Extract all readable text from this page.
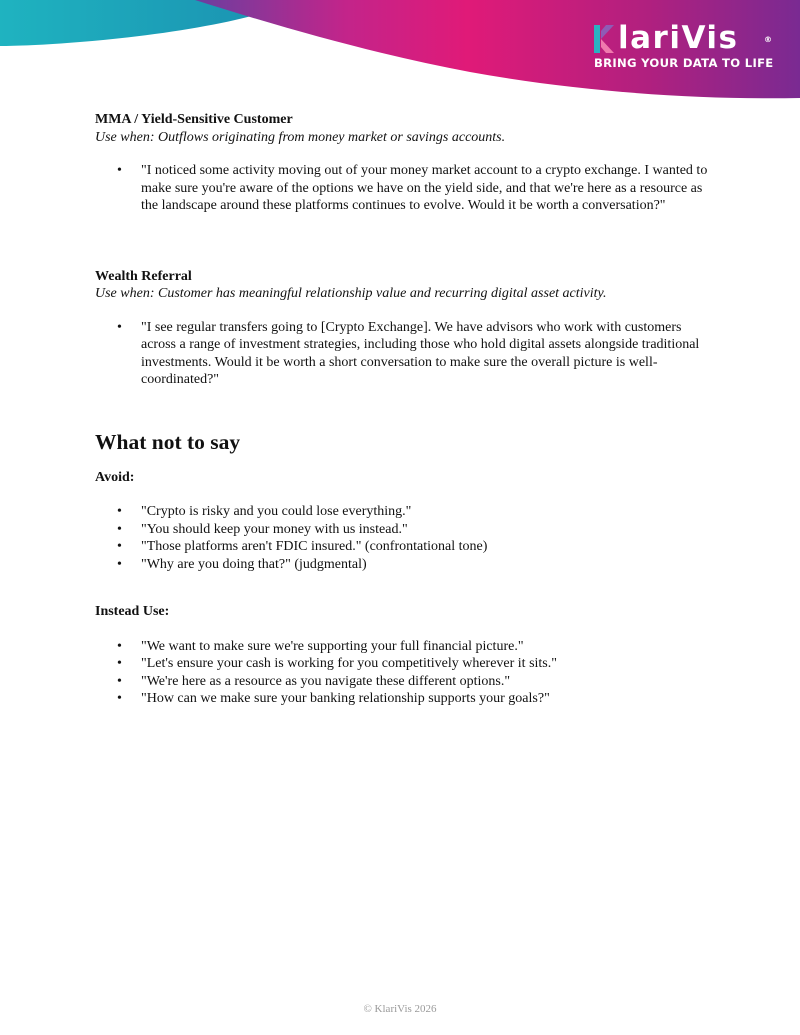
lariVis	®
BRING YOUR DATA TO LIFE

MMA / Yield-Sensitive Customer

Use when: Outflows originating from money market or savings accounts.

• "I noticed some activity moving out of your money market account to a crypto exchange. I wanted to make sure you're aware of the options we have on the yield side, and that we're here as a resource as the landscape around these platforms continues to evolve. Would it be worth a conversation?"

Wealth Referral

Use when: Customer has meaningful relationship value and recurring digital asset activity.

• "I see regular transfers going to [Crypto Exchange]. We have advisors who work with customers across a range of investment strategies, including those who hold digital assets alongside traditional investments. Would it be worth a short conversation to make sure the overall picture is well-coordinated?"

What not to say

Avoid:

• "Crypto is risky and you could lose everything."
• "You should keep your money with us instead."
• "Those platforms aren't FDIC insured." (confrontational tone)
• "Why are you doing that?" (judgmental)

Instead Use:

• "We want to make sure we're supporting your full financial picture."
• "Let's ensure your cash is working for you competitively wherever it sits."
• "We're here as a resource as you navigate these different options."
• "How can we make sure your banking relationship supports your goals?"
© KlariVis 2026
